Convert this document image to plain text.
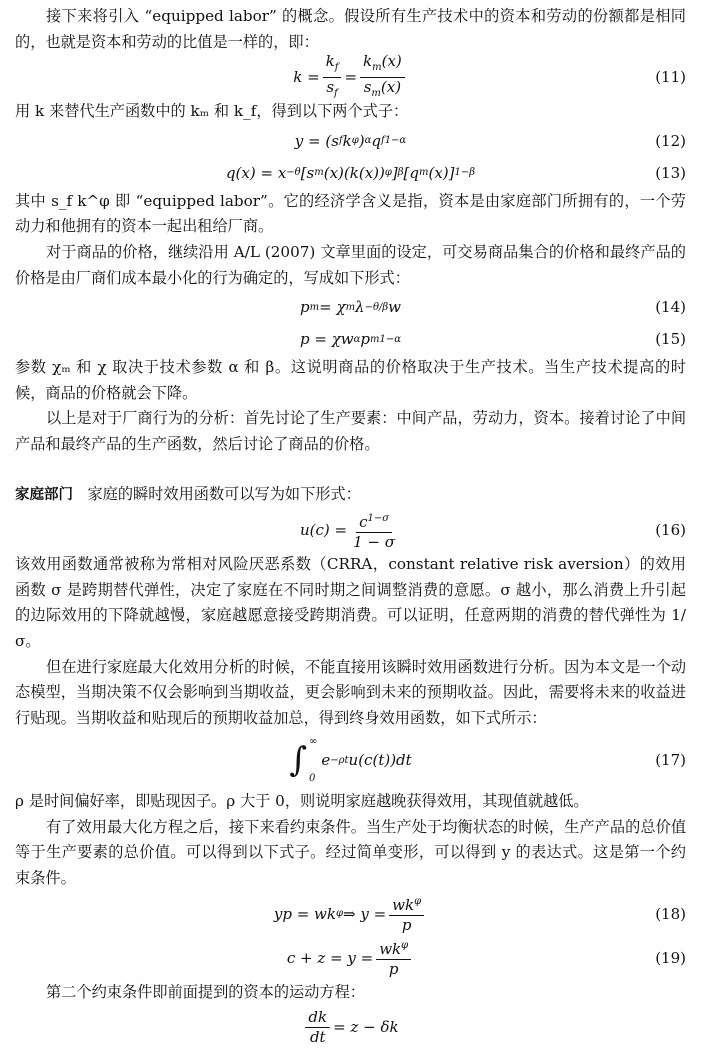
接下来将引入 “equipped labor” 的概念。假设所有生产技术中的资本和劳动的份额都是相同的，也就是资本和劳动的比值是一样的，即：

$k = \frac{k_f}{s_f} = \frac{k_m(x)}{s_m(x)}$	(11)

用 k 来替代生产函数中的 kₘ 和 k_f，得到以下两个式子：

y = (s f k φ ) α q f 1−α	(12)
q(x) = x −θ [s m (x)(k(x)) φ ] β [q m (x)] 1−β	(13)

其中 s_f k^φ 即 “equipped labor”。它的经济学含义是指，资本是由家庭部门所拥有的，一个劳动力和他拥有的资本一起出租给厂商。

对于商品的价格，继续沿用 A/L (2007) 文章里面的设定，可交易商品集合的价格和最终产品的价格是由厂商们成本最小化的行为确定的，写成如下形式：

p m = χ m λ −θ/β w	(14)
p = χw α p m 1−α	(15)

参数 χₘ 和 χ 取决于技术参数 α 和 β。这说明商品的价格取决于生产技术。当生产技术提高的时候，商品的价格就会下降。

以上是对于厂商行为的分析：首先讨论了生产要素：中间产品，劳动力，资本。接着讨论了中间产品和最终产品的生产函数，然后讨论了商品的价格。

家庭部门 家庭的瞬时效用函数可以写为如下形式：

$u(c) = \frac{c^{1-\sigma}}{1 - \sigma}$	(16)

该效用函数通常被称为常相对风险厌恶系数（CRRA，constant relative risk aversion）的效用函数 σ 是跨期替代弹性，决定了家庭在不同时期之间调整消费的意愿。σ 越小，那么消费上升引起的边际效用的下降就越慢，家庭越愿意接受跨期消费。可以证明，任意两期的消费的替代弹性为 1/σ。

但在进行家庭最大化效用分析的时候，不能直接用该瞬时效用函数进行分析。因为本文是一个动态模型，当期决策不仅会影响到当期收益，更会影响到未来的预期收益。因此，需要将未来的收益进行贴现。当期收益和贴现后的预期收益加总，得到终身效用函数，如下式所示：

∫ ∞
0
e −ρt u(c(t))dt	(17)

ρ 是时间偏好率，即贴现因子。ρ 大于 0，则说明家庭越晚获得效用，其现值就越低。

有了效用最大化方程之后，接下来看约束条件。当生产处于均衡状态的时候，生产产品的总价值等于生产要素的总价值。可以得到以下式子。经过简单变形，可以得到 y 的表达式。这是第一个约束条件。

yp = wk φ ⇒ $y = \frac{wk^\varphi}{p}$	(18)
$c + z = y = \frac{wk^\varphi}{p}$	(19)

第二个约束条件即前面提到的资本的运动方程：

$\frac{dk}{dt} = z - \delta k$
